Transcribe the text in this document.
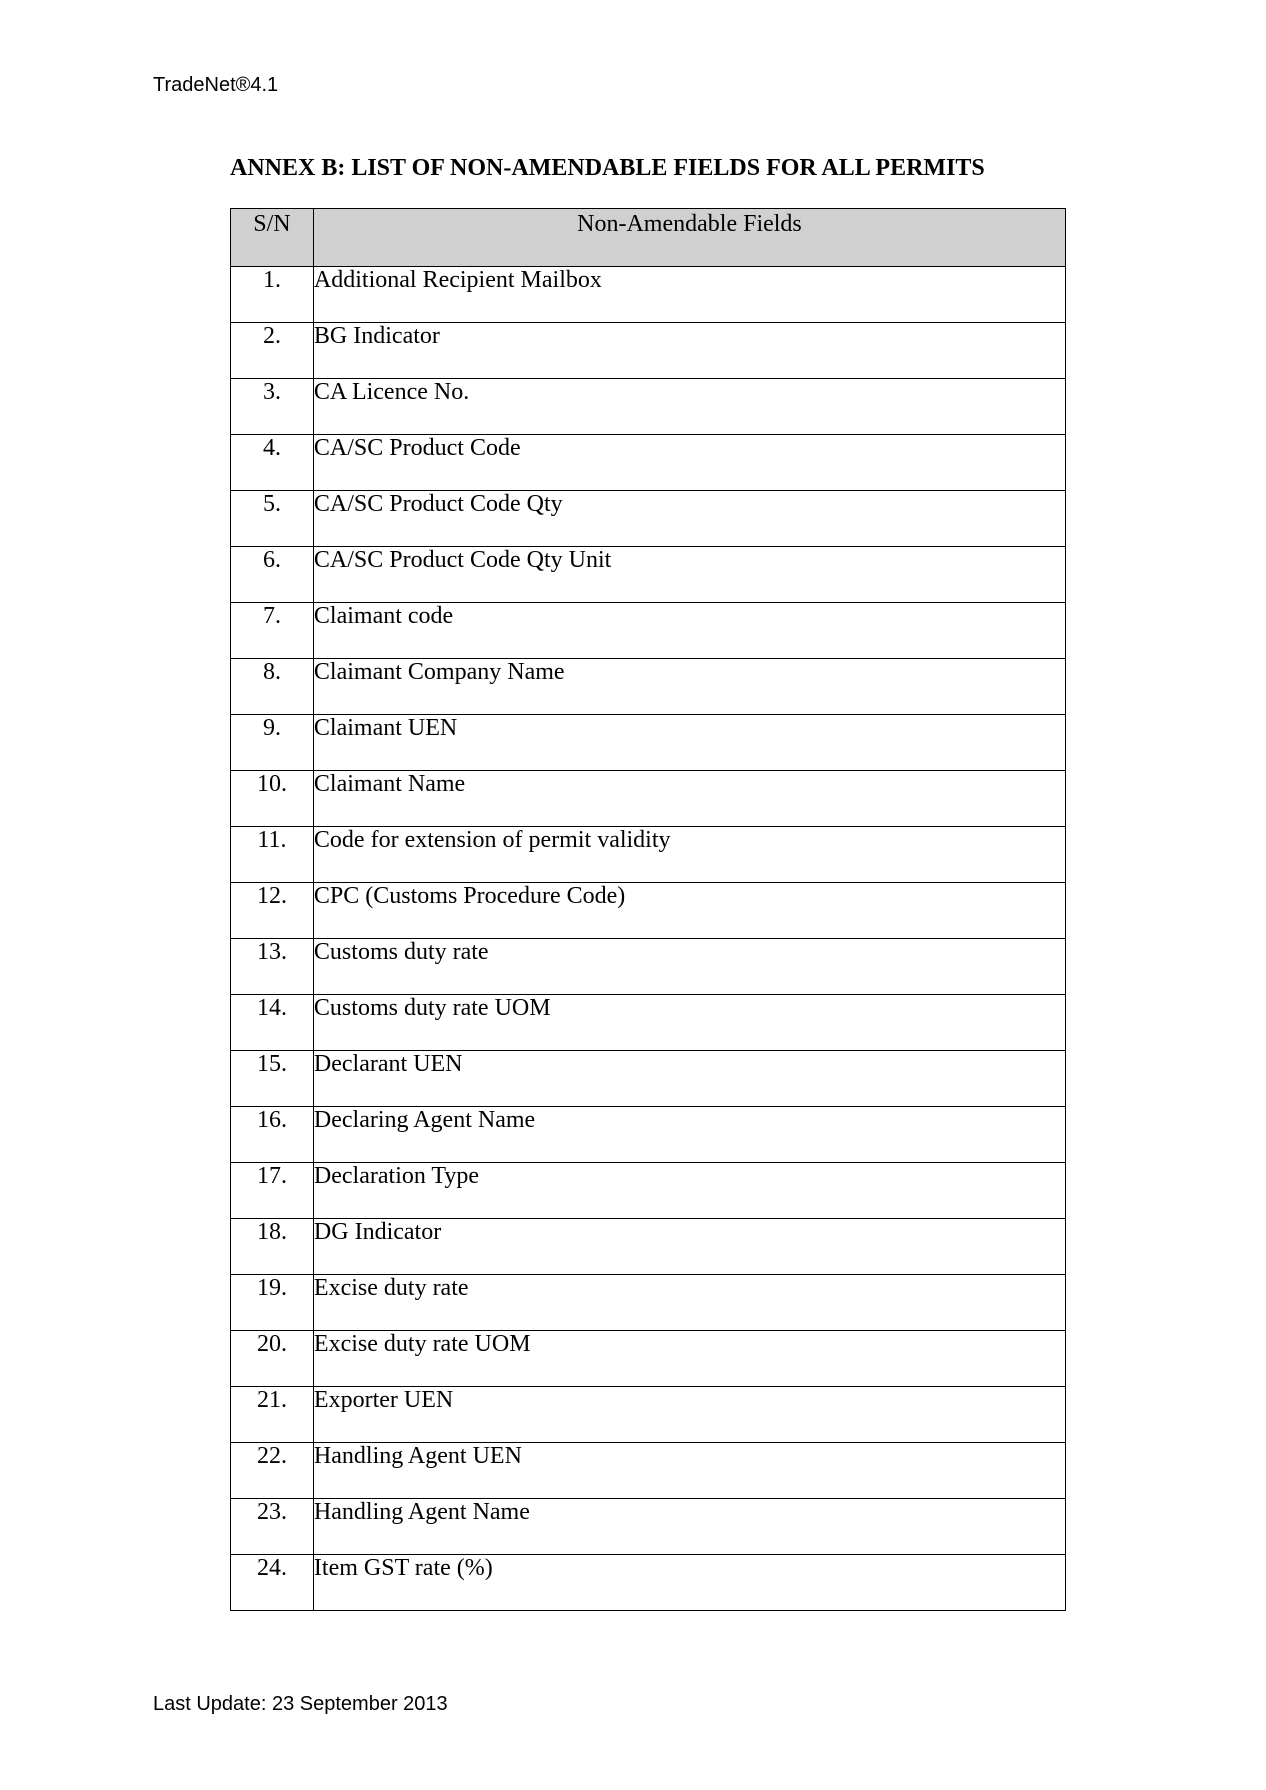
TradeNet®4.1
ANNEX B: LIST OF NON-AMENDABLE FIELDS FOR ALL PERMITS
S/N	Non-Amendable Fields
1.	Additional Recipient Mailbox
2.	BG Indicator
3.	CA Licence No.
4.	CA/SC Product Code
5.	CA/SC Product Code Qty
6.	CA/SC Product Code Qty Unit
7.	Claimant code
8.	Claimant Company Name
9.	Claimant UEN
10.	Claimant Name
11.	Code for extension of permit validity
12.	CPC (Customs Procedure Code)
13.	Customs duty rate
14.	Customs duty rate UOM
15.	Declarant UEN
16.	Declaring Agent Name
17.	Declaration Type
18.	DG Indicator
19.	Excise duty rate
20.	Excise duty rate UOM
21.	Exporter UEN
22.	Handling Agent UEN
23.	Handling Agent Name
24.	Item GST rate (%)
Last Update: 23 September 2013
